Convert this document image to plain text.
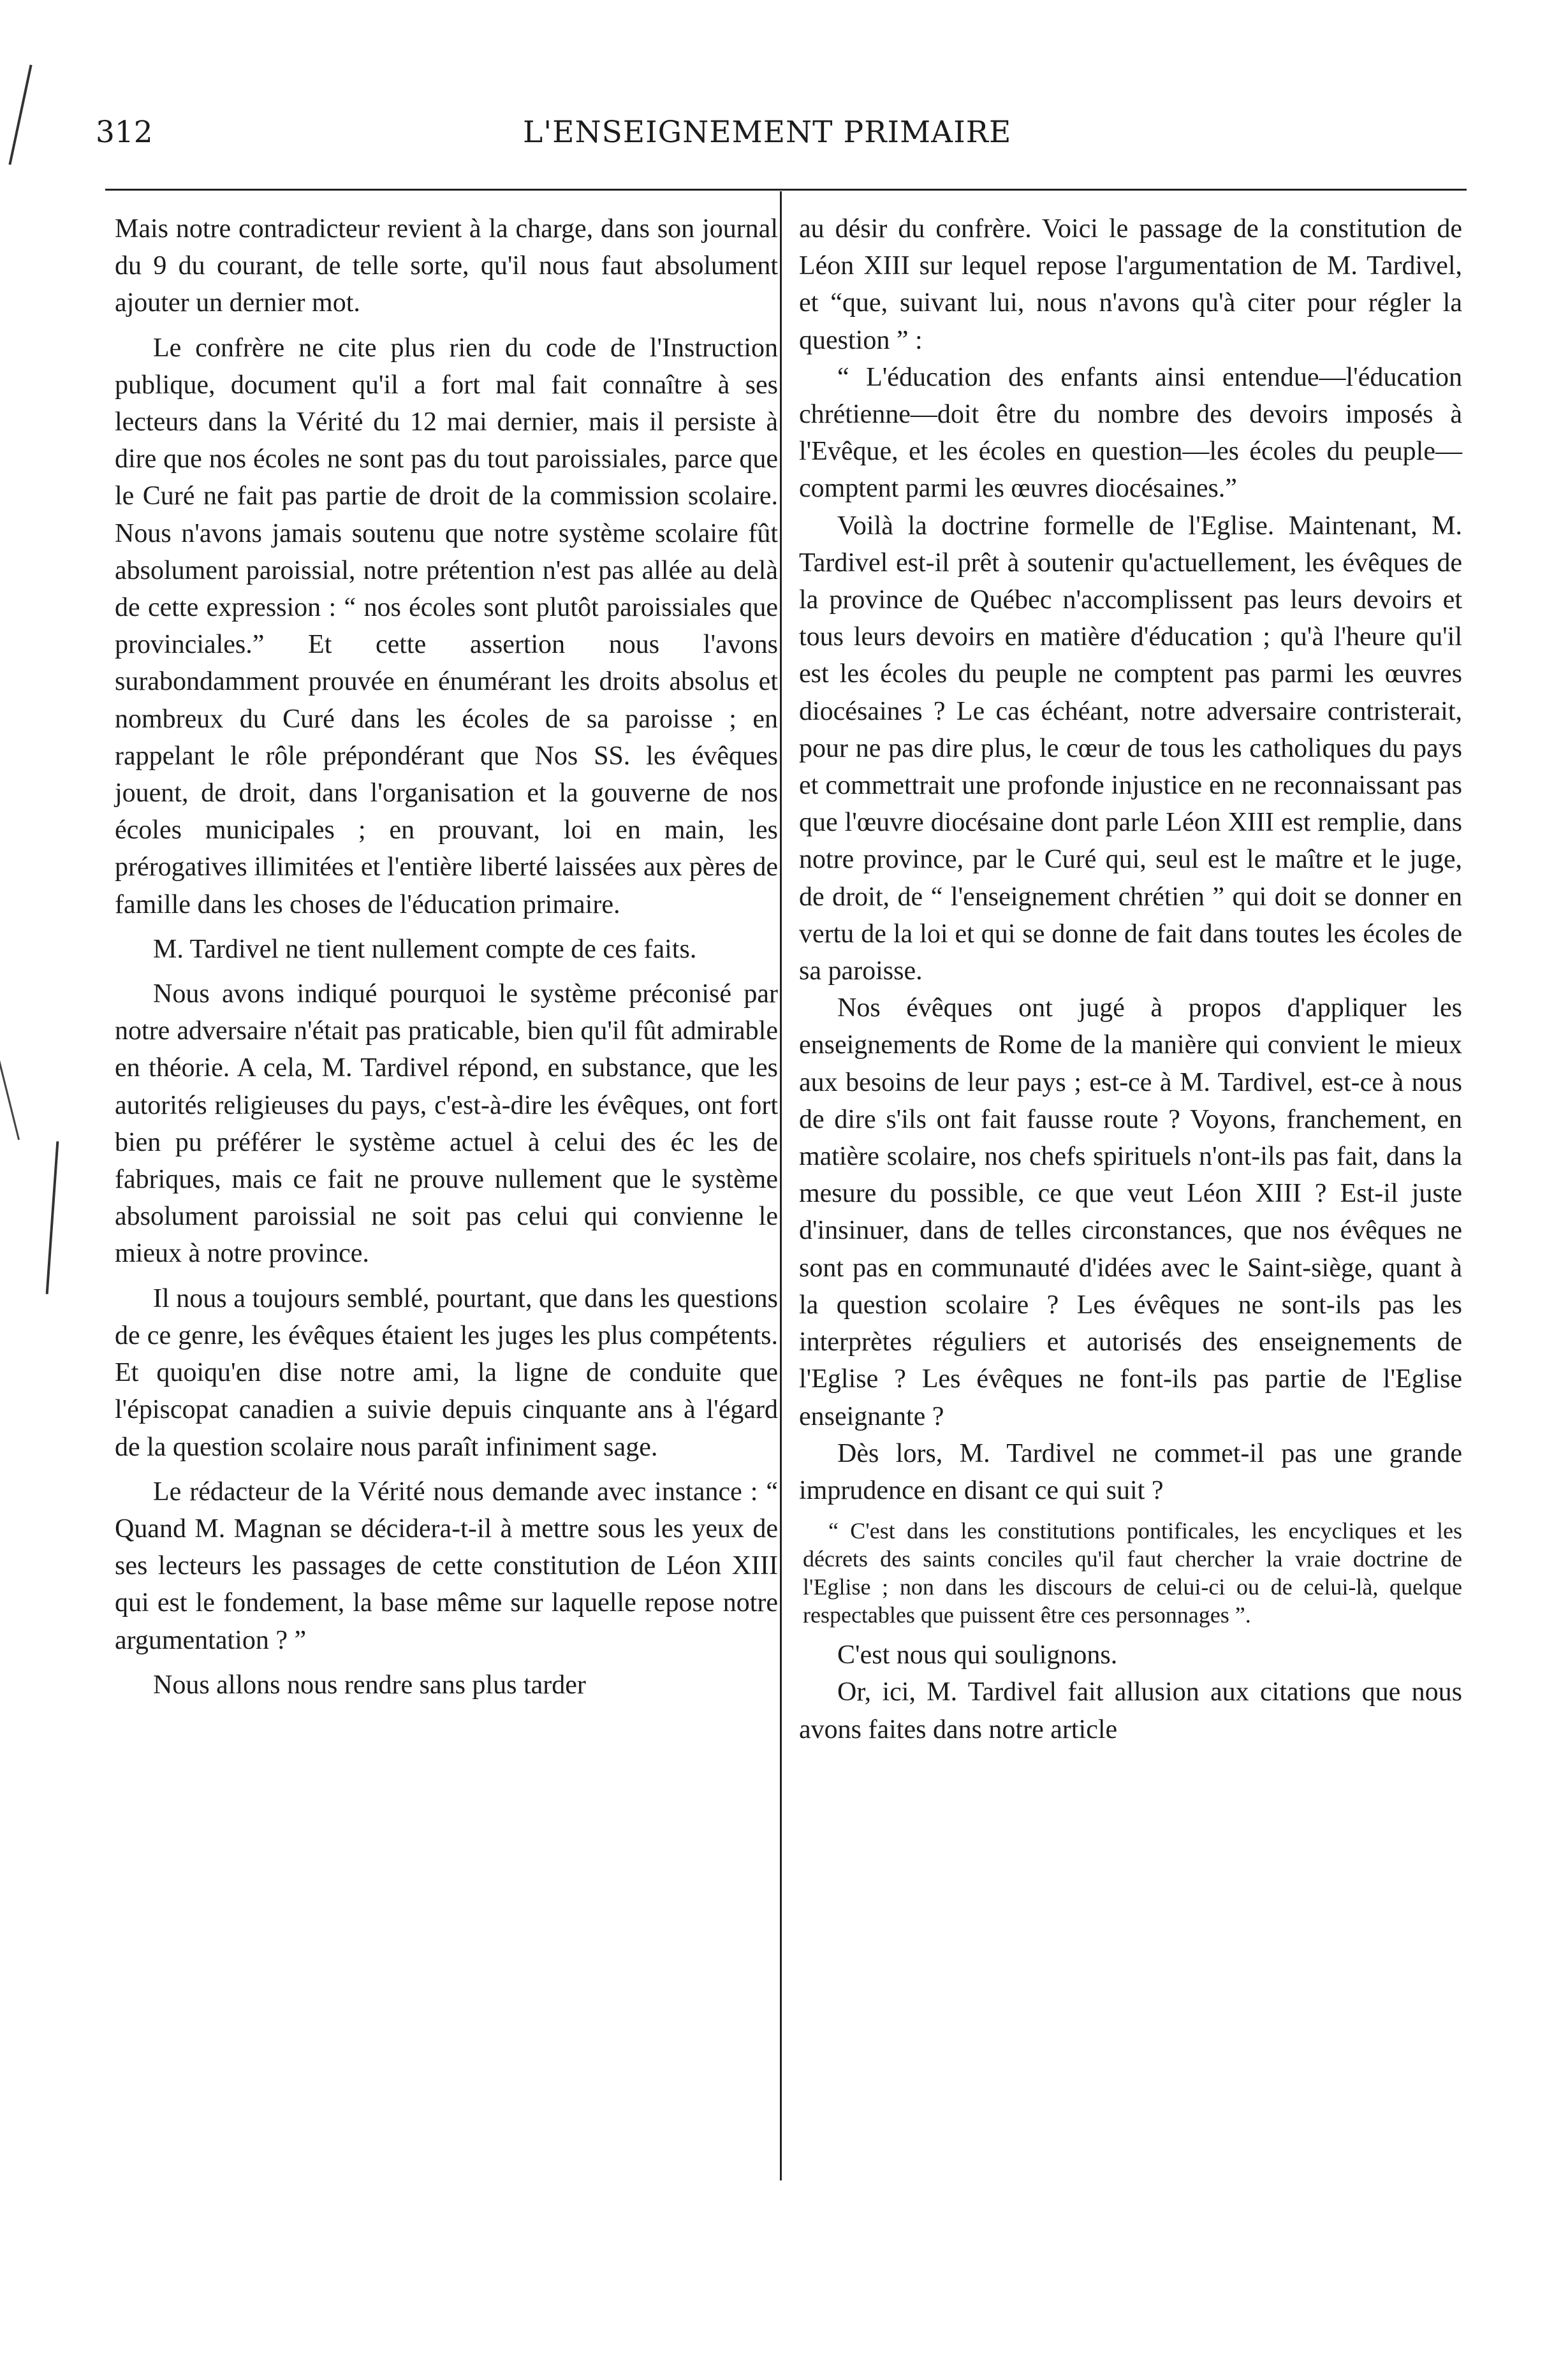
312	L'ENSEIGNEMENT PRIMAIRE

Mais notre contradicteur revient à la charge, dans son journal du 9 du courant, de telle sorte, qu'il nous faut absolument ajouter un dernier mot.

Le confrère ne cite plus rien du code de l'Instruction publique, document qu'il a fort mal fait connaître à ses lecteurs dans la Vérité du 12 mai dernier, mais il persiste à dire que nos écoles ne sont pas du tout paroissiales, parce que le Curé ne fait pas partie de droit de la commission scolaire. Nous n'avons jamais soutenu que notre système scolaire fût absolument paroissial, notre prétention n'est pas allée au delà de cette expression : “ nos écoles sont plutôt paroissiales que provinciales.” Et cette assertion nous l'avons surabondamment prouvée en énumérant les droits absolus et nombreux du Curé dans les écoles de sa paroisse ; en rappelant le rôle prépondérant que Nos SS. les évêques jouent, de droit, dans l'organisation et la gouverne de nos écoles municipales ; en prouvant, loi en main, les prérogatives illimitées et l'entière liberté laissées aux pères de famille dans les choses de l'éducation primaire.

M. Tardivel ne tient nullement compte de ces faits.

Nous avons indiqué pourquoi le système préconisé par notre adversaire n'était pas praticable, bien qu'il fût admirable en théorie. A cela, M. Tardivel répond, en substance, que les autorités religieuses du pays, c'est-à-dire les évêques, ont fort bien pu préférer le système actuel à celui des éc les de fabriques, mais ce fait ne prouve nullement que le système absolument paroissial ne soit pas celui qui convienne le mieux à notre province.

Il nous a toujours semblé, pourtant, que dans les questions de ce genre, les évêques étaient les juges les plus compétents. Et quoiqu'en dise notre ami, la ligne de conduite que l'épiscopat canadien a suivie depuis cinquante ans à l'égard de la question scolaire nous paraît infiniment sage.

Le rédacteur de la Vérité nous demande avec instance : “ Quand M. Magnan se décidera-t-il à mettre sous les yeux de ses lecteurs les passages de cette constitution de Léon XIII qui est le fondement, la base même sur laquelle repose notre argumentation ? ”

Nous allons nous rendre sans plus tarder

au désir du confrère. Voici le passage de la constitution de Léon XIII sur lequel repose l'argumentation de M. Tardivel, et “que, suivant lui, nous n'avons qu'à citer pour régler la question ” :

“ L'éducation des enfants ainsi entendue—l'éducation chrétienne—doit être du nombre des devoirs imposés à l'Evêque, et les écoles en question—les écoles du peuple—comptent parmi les œuvres diocésaines.”

Voilà la doctrine formelle de l'Eglise. Maintenant, M. Tardivel est-il prêt à soutenir qu'actuellement, les évêques de la province de Québec n'accomplissent pas leurs devoirs et tous leurs devoirs en matière d'éducation ; qu'à l'heure qu'il est les écoles du peuple ne comptent pas parmi les œuvres diocésaines ? Le cas échéant, notre adversaire contristerait, pour ne pas dire plus, le cœur de tous les catholiques du pays et commettrait une profonde injustice en ne reconnaissant pas que l'œuvre diocésaine dont parle Léon XIII est remplie, dans notre province, par le Curé qui, seul est le maître et le juge, de droit, de “ l'enseignement chrétien ” qui doit se donner en vertu de la loi et qui se donne de fait dans toutes les écoles de sa paroisse.

Nos évêques ont jugé à propos d'appliquer les enseignements de Rome de la manière qui convient le mieux aux besoins de leur pays ; est-ce à M. Tardivel, est-ce à nous de dire s'ils ont fait fausse route ? Voyons, franchement, en matière scolaire, nos chefs spirituels n'ont-ils pas fait, dans la mesure du possible, ce que veut Léon XIII ? Est-il juste d'insinuer, dans de telles circonstances, que nos évêques ne sont pas en communauté d'idées avec le Saint-siège, quant à la question scolaire ? Les évêques ne sont-ils pas les interprètes réguliers et autorisés des enseignements de l'Eglise ? Les évêques ne font-ils pas partie de l'Eglise enseignante ?

Dès lors, M. Tardivel ne commet-il pas une grande imprudence en disant ce qui suit ?

“ C'est dans les constitutions pontificales, les encycliques et les décrets des saints conciles qu'il faut chercher la vraie doctrine de l'Eglise ; non dans les discours de celui-ci ou de celui-là, quelque respectables que puissent être ces personnages ”.

C'est nous qui soulignons.

Or, ici, M. Tardivel fait allusion aux citations que nous avons faites dans notre article
